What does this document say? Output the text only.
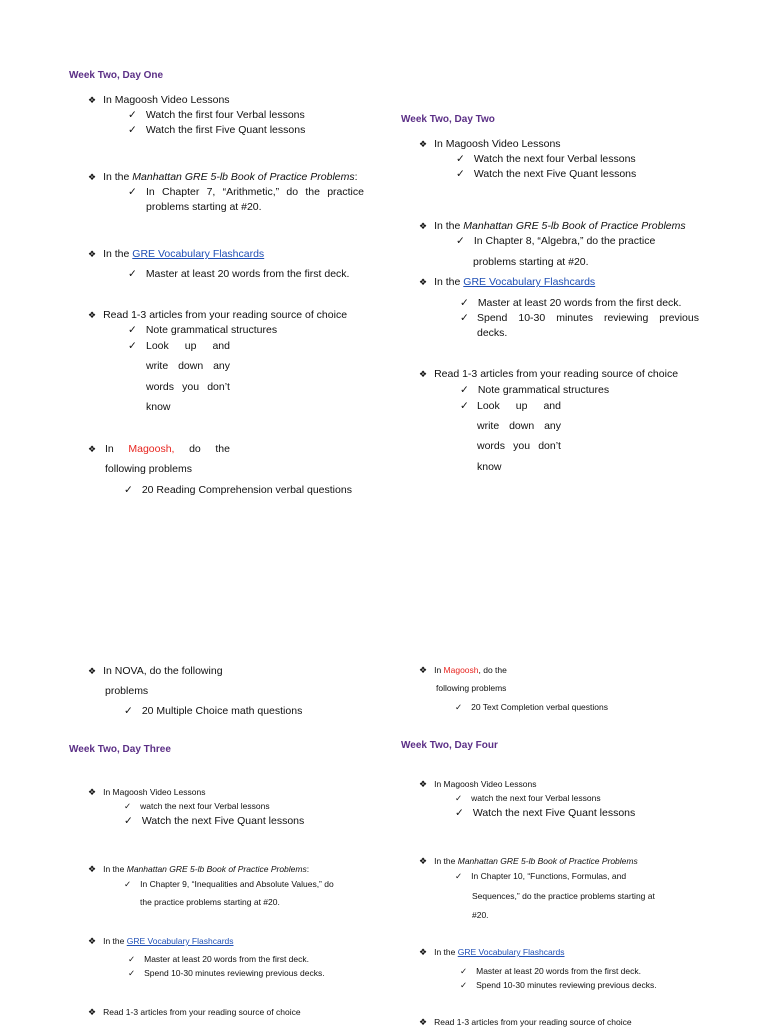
Week Two, Day One
❖ In Magoosh Video Lessons
✓ Watch the first four Verbal lessons
✓ Watch the first Five Quant lessons
❖ In the Manhattan GRE 5-lb Book of Practice Problems:
✓
In Chapter 7, “Arithmetic,” do the practice
problems starting at #20.
❖ In the GRE Vocabulary Flashcards
✓ Master at least 20 words from the first deck.
❖ Read 1-3 articles from your reading source of choice
✓ Note grammatical structures
✓
Look up and
write down any
words you don’t
know
❖
In Magoosh, do the
following problems
✓ 20 Reading Comprehension verbal questions
❖ In NOVA, do the following
problems
✓ 20 Multiple Choice math questions
Week Two, Day Two
❖ In Magoosh Video Lessons
✓ Watch the next four Verbal lessons
✓ Watch the next Five Quant lessons
❖ In the Manhattan GRE 5-lb Book of Practice Problems
✓ In Chapter 8, “Algebra,” do the practice
problems starting at #20.
❖ In the GRE Vocabulary Flashcards
✓ Master at least 20 words from the first deck.
✓
Spend 10-30 minutes reviewing previous
decks.
❖ Read 1-3 articles from your reading source of choice
✓ Note grammatical structures
✓
Look up and
write down any
words you don’t
know
❖ In Magoosh, do the
following problems
✓ 20 Text Completion verbal questions
Week Two, Day Three
❖ In Magoosh Video Lessons
✓ watch the next four Verbal lessons
✓ Watch the next Five Quant lessons
❖ In the Manhattan GRE 5-lb Book of Practice Problems:
✓ In Chapter 9, “Inequalities and Absolute Values,” do
the practice problems starting at #20.
❖ In the GRE Vocabulary Flashcards
✓ Master at least 20 words from the first deck.
✓ Spend 10-30 minutes reviewing previous decks.
❖ Read 1-3 articles from your reading source of choice
Week Two, Day Four
❖ In Magoosh Video Lessons
✓ watch the next four Verbal lessons
✓ Watch the next Five Quant lessons
❖ In the Manhattan GRE 5-lb Book of Practice Problems
✓ In Chapter 10, “Functions, Formulas, and
Sequences,” do the practice problems starting at
#20.
❖ In the GRE Vocabulary Flashcards
✓ Master at least 20 words from the first deck.
✓ Spend 10-30 minutes reviewing previous decks.
❖ Read 1-3 articles from your reading source of choice
